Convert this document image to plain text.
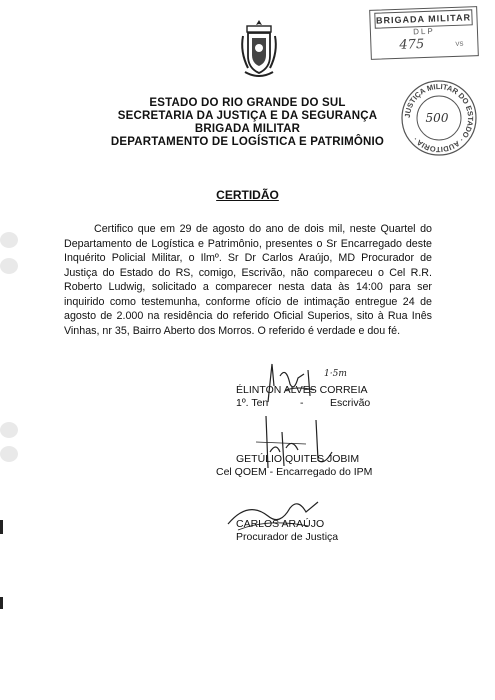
BRIGADA MILITAR
DLP
475	VS
JUSTIÇA MILITAR DO ESTADO · AUDITORIA ·
500
ESTADO DO RIO GRANDE DO SUL
SECRETARIA DA JUSTIÇA E DA SEGURANÇA
BRIGADA MILITAR
DEPARTAMENTO DE LOGÍSTICA E PATRIMÔNIO
CERTIDÃO

Certifico que em 29 de agosto do ano de dois mil, neste Quartel do Departamento de Logística e Patrimônio, presentes o Sr Encarregado deste Inquérito Policial Militar, o Ilmº. Sr Dr Carlos Araújo, MD Procurador de Justiça do Estado do RS, comigo, Escrivão, não compareceu o Cel R.R. Roberto Ludwig, solicitado a comparecer nesta data às 14:00 para ser inquirido como testemunha, conforme ofício de intimação entregue 24 de agosto de 2.000 na residência do referido Oficial Superios, sito à Rua Inês Vinhas, nr 35, Bairro Aberto dos Morros. O referido é verdade e dou fé.

ÉLINTON ALVES CORREIA
1º. Ten	-	Escrivão
1·5m
GETÚLIO QUITES JOBIM
Cel QOEM - Encarregado do IPM
CARLOS ARAÚJO
Procurador de Justiça
